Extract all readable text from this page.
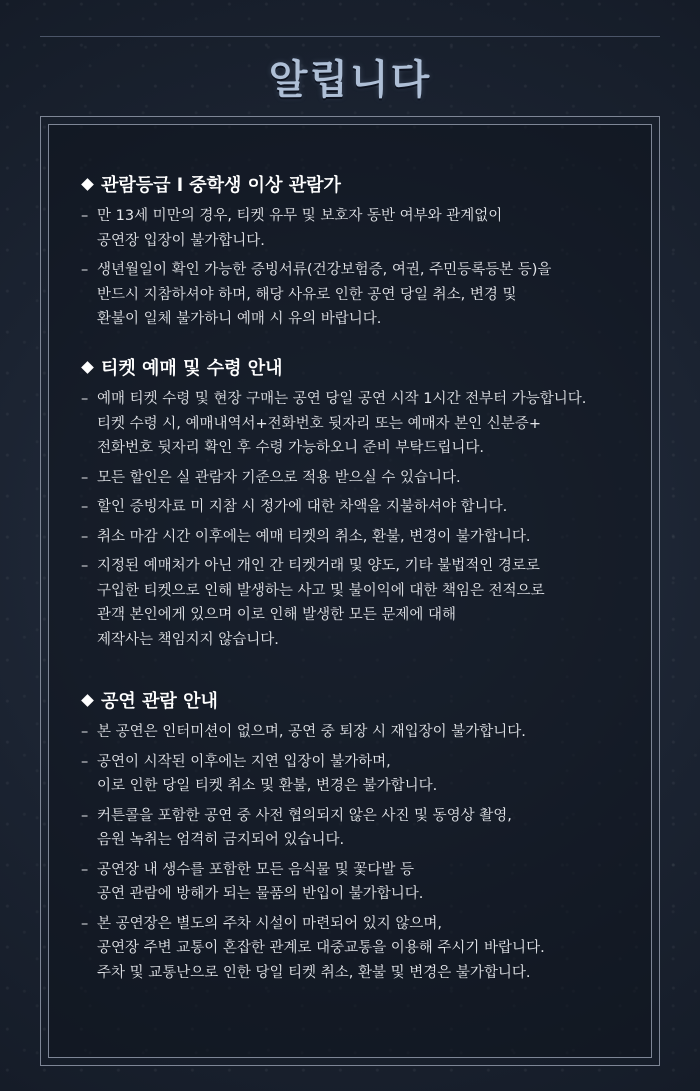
알립니다
관람등급 l 중학생 이상 관람가
– 만 13세 미만의 경우, 티켓 유무 및 보호자 동반 여부와 관계없이
공연장 입장이 불가합니다.
– 생년월일이 확인 가능한 증빙서류(건강보험증, 여권, 주민등록등본 등)을
반드시 지참하셔야 하며, 해당 사유로 인한 공연 당일 취소, 변경 및
환불이 일체 불가하니 예매 시 유의 바랍니다.
티켓 예매 및 수령 안내
– 예매 티켓 수령 및 현장 구매는 공연 당일 공연 시작 1시간 전부터 가능합니다.
티켓 수령 시, 예매내역서+전화번호 뒷자리 또는 예매자 본인 신분증+
전화번호 뒷자리 확인 후 수령 가능하오니 준비 부탁드립니다.
– 모든 할인은 실 관람자 기준으로 적용 받으실 수 있습니다.
– 할인 증빙자료 미 지참 시 정가에 대한 차액을 지불하셔야 합니다.
– 취소 마감 시간 이후에는 예매 티켓의 취소, 환불, 변경이 불가합니다.
– 지정된 예매처가 아닌 개인 간 티켓거래 및 양도, 기타 불법적인 경로로
구입한 티켓으로 인해 발생하는 사고 및 불이익에 대한 책임은 전적으로
관객 본인에게 있으며 이로 인해 발생한 모든 문제에 대해
제작사는 책임지지 않습니다.
공연 관람 안내
– 본 공연은 인터미션이 없으며, 공연 중 퇴장 시 재입장이 불가합니다.
– 공연이 시작된 이후에는 지연 입장이 불가하며,
이로 인한 당일 티켓 취소 및 환불, 변경은 불가합니다.
– 커튼콜을 포함한 공연 중 사전 협의되지 않은 사진 및 동영상 촬영,
음원 녹취는 엄격히 금지되어 있습니다.
– 공연장 내 생수를 포함한 모든 음식물 및 꽃다발 등
공연 관람에 방해가 되는 물품의 반입이 불가합니다.
– 본 공연장은 별도의 주차 시설이 마련되어 있지 않으며,
공연장 주변 교통이 혼잡한 관계로 대중교통을 이용해 주시기 바랍니다.
주차 및 교통난으로 인한 당일 티켓 취소, 환불 및 변경은 불가합니다.
